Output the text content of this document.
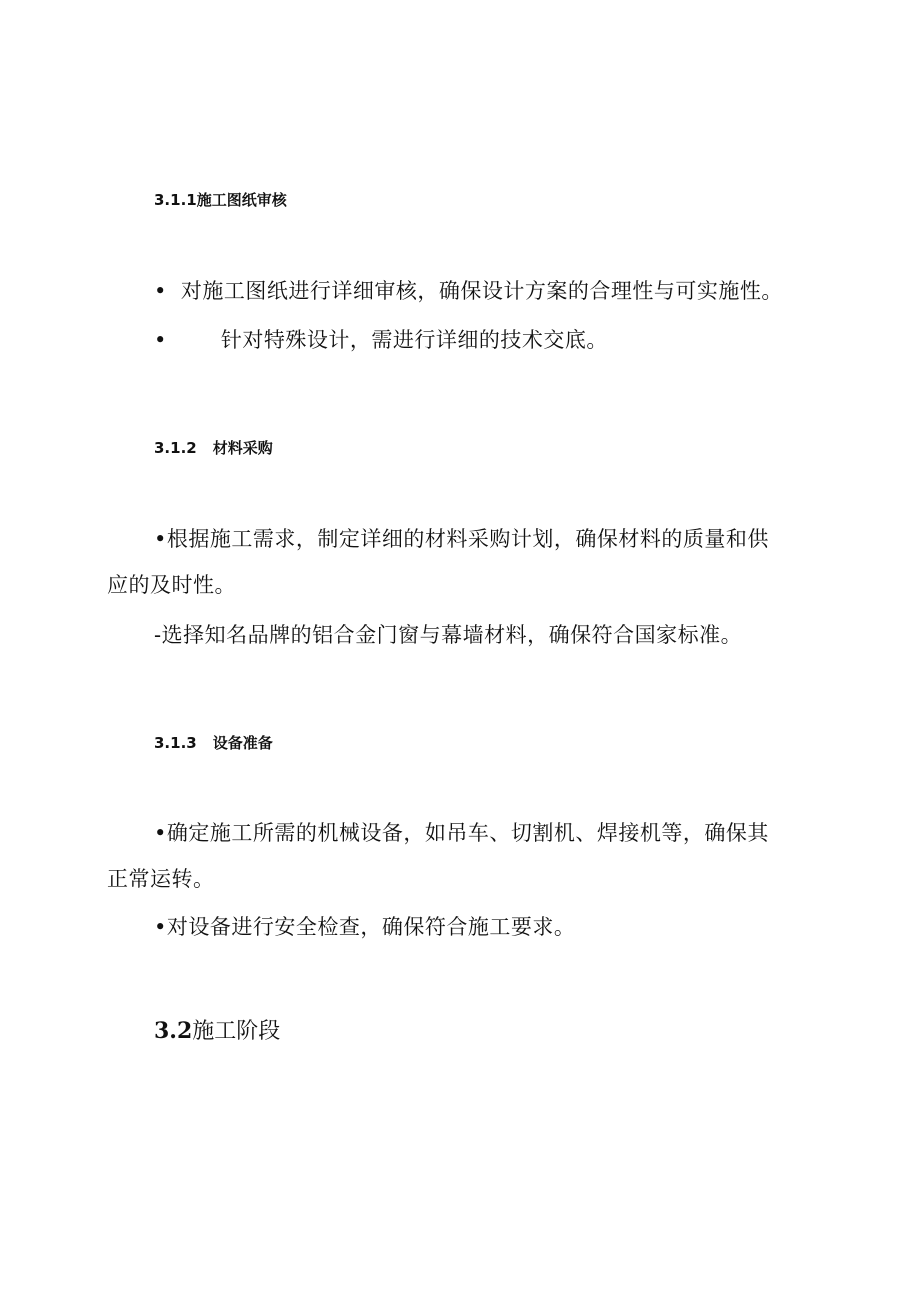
3.1.1施工图纸审核
• 对施工图纸进行详细审核，确保设计方案的合理性与可实施性。
•	针对特殊设计，需进行详细的技术交底。
3.1.2 材料采购
•根据施工需求，制定详细的材料采购计划，确保材料的质量和供
应的及时性。
-选择知名品牌的铝合金门窗与幕墙材料，确保符合国家标准。
3.1.3 设备准备
•确定施工所需的机械设备，如吊车、切割机、焊接机等，确保其
正常运转。
•对设备进行安全检查，确保符合施工要求。
3.2施工阶段
